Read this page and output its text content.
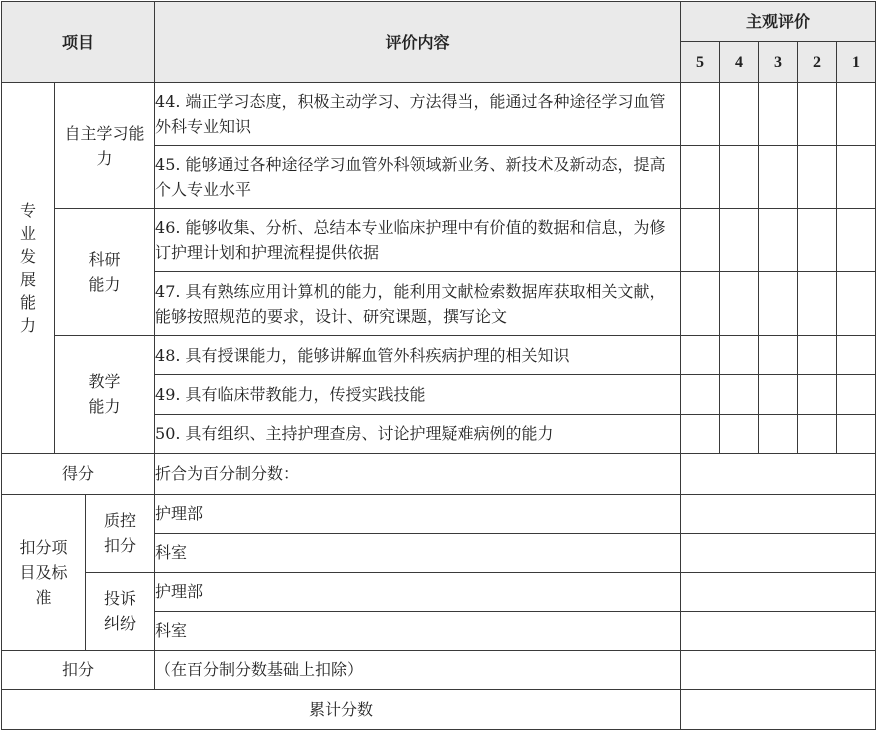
项目			评价内容	主观评价				
				5	4	3	2	1

专业发展能力	自主学习能力		44. 端正学习态度，积极主动学习、方法得当，能通过各种途径学习血管外科专业知识					
			45. 能够通过各种途径学习血管外科领域新业务、新技术及新动态，提高个人专业水平					

	科研能力		46. 能够收集、分析、总结本专业临床护理中有价值的数据和信息，为修订护理计划和护理流程提供依据					
			47. 具有熟练应用计算机的能力，能利用文献检索数据库获取相关文献，能够按照规范的要求，设计、研究课题，撰写论文					

	教学能力		48. 具有授课能力，能够讲解血管外科疾病护理的相关知识					
			49. 具有临床带教能力，传授实践技能					
			50. 具有组织、主持护理查房、讨论护理疑难病例的能力					
得分			折合为百分制分数：					

扣分项目及标准		质控扣分	护理部					
			科室					

		投诉纠纷	护理部					
			科室					
扣分			（在百分制分数基础上扣除）					
累计分数								
